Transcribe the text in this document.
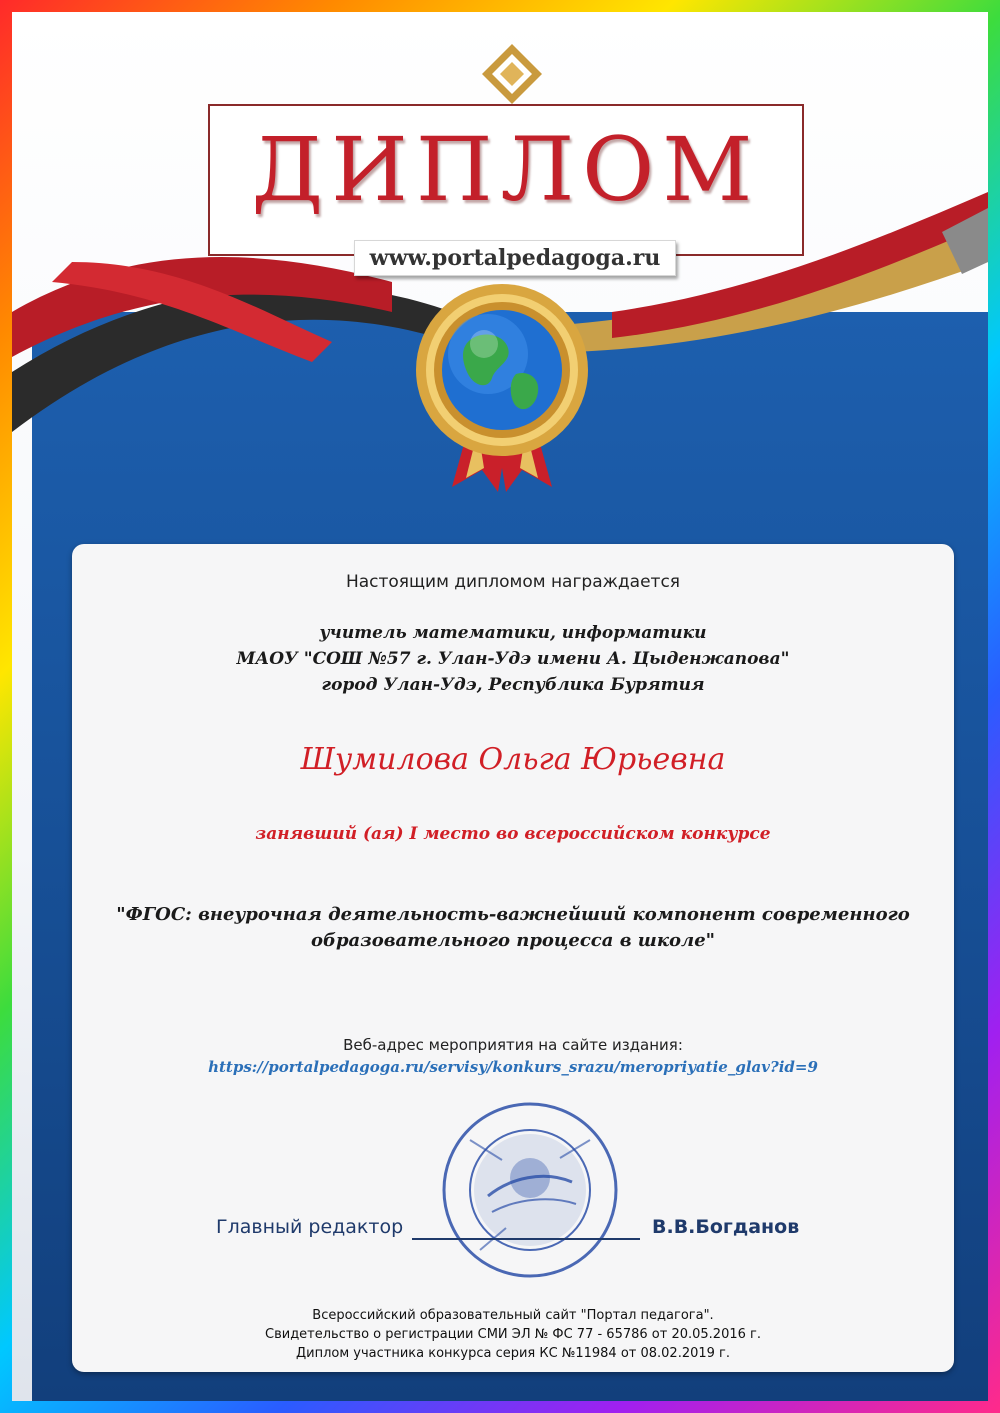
ДИПЛОМ
www.portalpedagoga.ru
Настоящим дипломом награждается
учитель математики, информатики
МАОУ "СОШ №57 г. Улан-Удэ имени А. Цыденжапова"
город Улан-Удэ, Республика Бурятия
Шумилова Ольга Юрьевна
занявший (ая) I место во всероссийском конкурсе
"ФГОС: внеурочная деятельность-важнейший компонент современного образовательного процесса в школе"
Веб-адрес мероприятия на сайте издания:
https://portalpedagoga.ru/servisy/konkurs_srazu/meropriyatie_glav?id=9
Главный редактор	В.В.Богданов
Всероссийский образовательный сайт "Портал педагога".
Свидетельство о регистрации СМИ ЭЛ № ФС 77 - 65786 от 20.05.2016 г.
Диплом участника конкурса серия КС №11984 от 08.02.2019 г.
